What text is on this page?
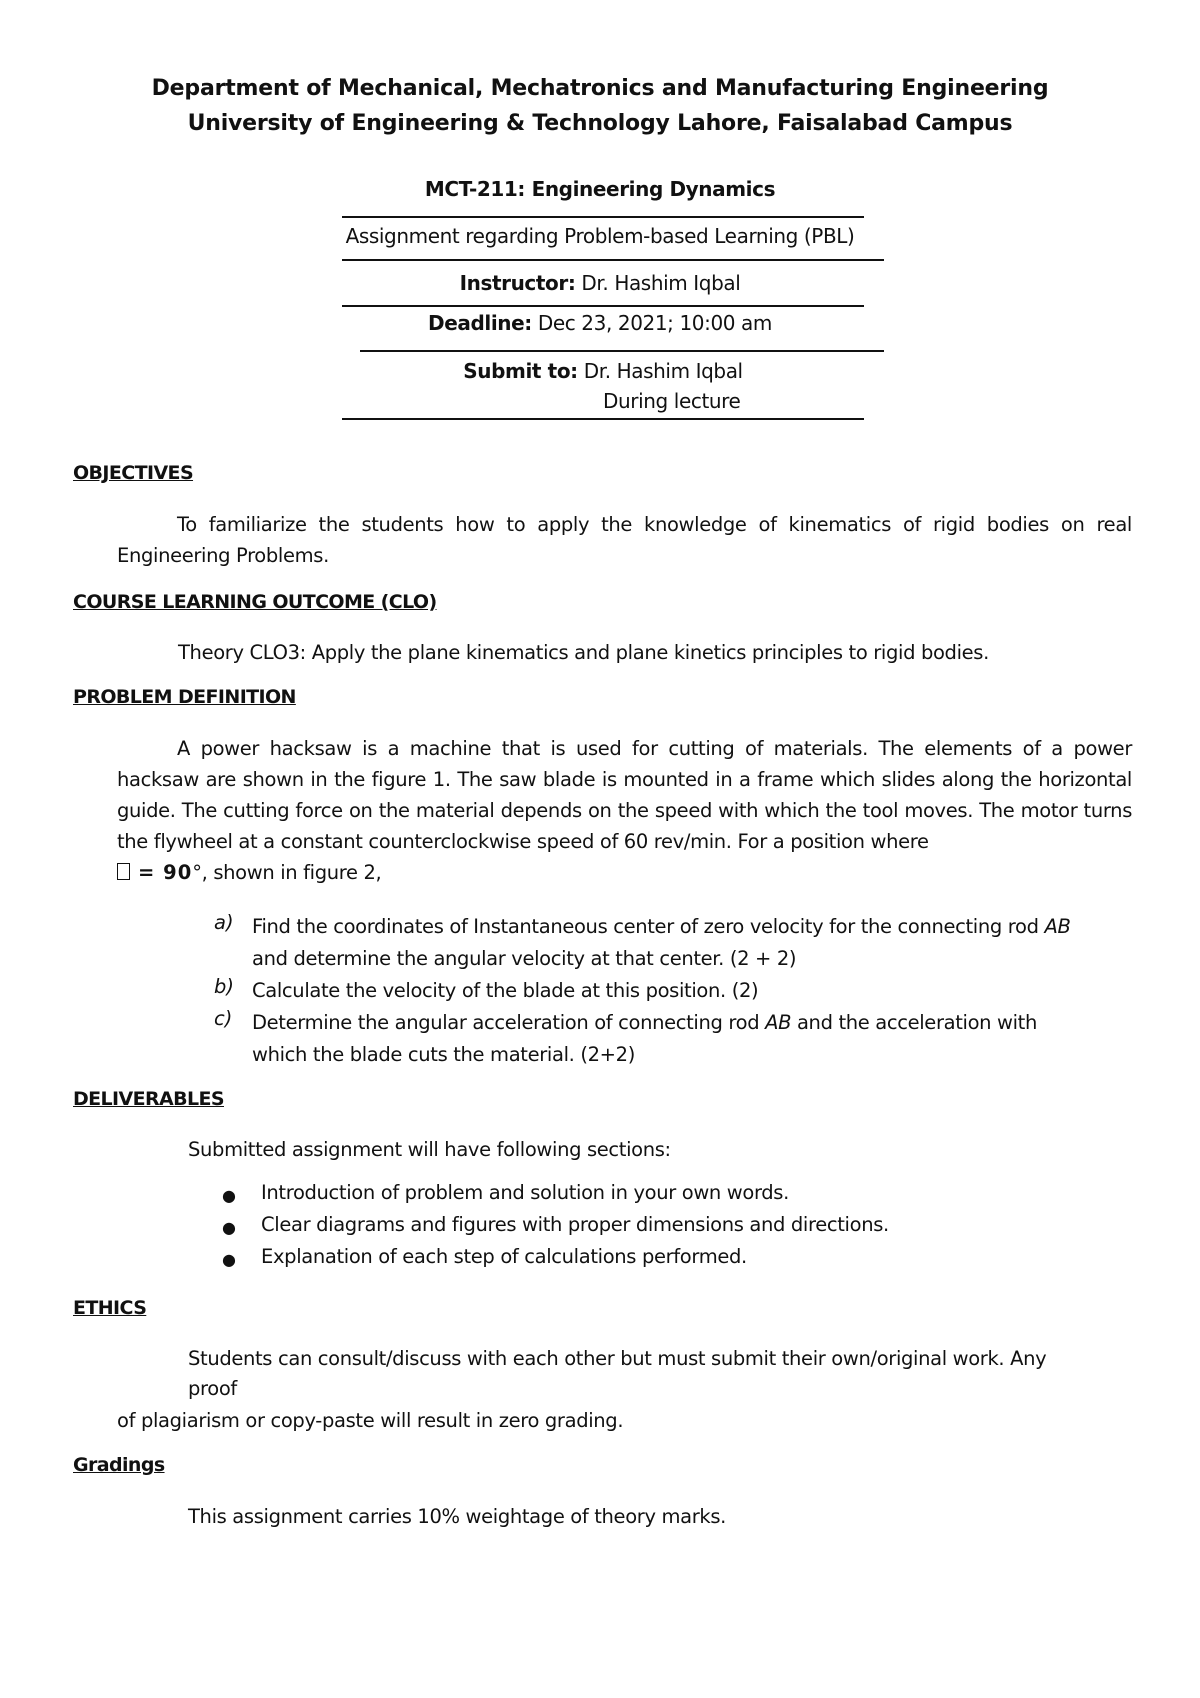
Department of Mechanical, Mechatronics and Manufacturing Engineering
University of Engineering & Technology Lahore, Faisalabad Campus
MCT-211: Engineering Dynamics
Assignment regarding Problem-based Learning (PBL)
Instructor: Dr. Hashim Iqbal
Deadline: Dec 23, 2021; 10:00 am
Submit to: Dr. Hashim Iqbal
During lecture
OBJECTIVES
To familiarize the students how to apply the knowledge of kinematics of rigid bodies on real Engineering Problems.
COURSE LEARNING OUTCOME (CLO)
Theory CLO3: Apply the plane kinematics and plane kinetics principles to rigid bodies.
PROBLEM DEFINITION
A power hacksaw is a machine that is used for cutting of materials. The elements of a power hacksaw are shown in the figure 1. The saw blade is mounted in a frame which slides along the horizontal guide. The cutting force on the material depends on the speed with which the tool moves. The motor turns the flywheel at a constant counterclockwise speed of 60 rev/min. For a position where
= 90°, shown in figure 2,
a) Find the coordinates of Instantaneous center of zero velocity for the connecting rod AB
and determine the angular velocity at that center. (2 + 2)
b) Calculate the velocity of the blade at this position. (2)
c) Determine the angular acceleration of connecting rod AB and the acceleration with
which the blade cuts the material. (2+2)
DELIVERABLES
Submitted assignment will have following sections:
● Introduction of problem and solution in your own words.
● Clear diagrams and figures with proper dimensions and directions.
● Explanation of each step of calculations performed.
ETHICS
Students can consult/discuss with each other but must submit their own/original work. Any
proof
of plagiarism or copy-paste will result in zero grading.
Gradings
This assignment carries 10% weightage of theory marks.
